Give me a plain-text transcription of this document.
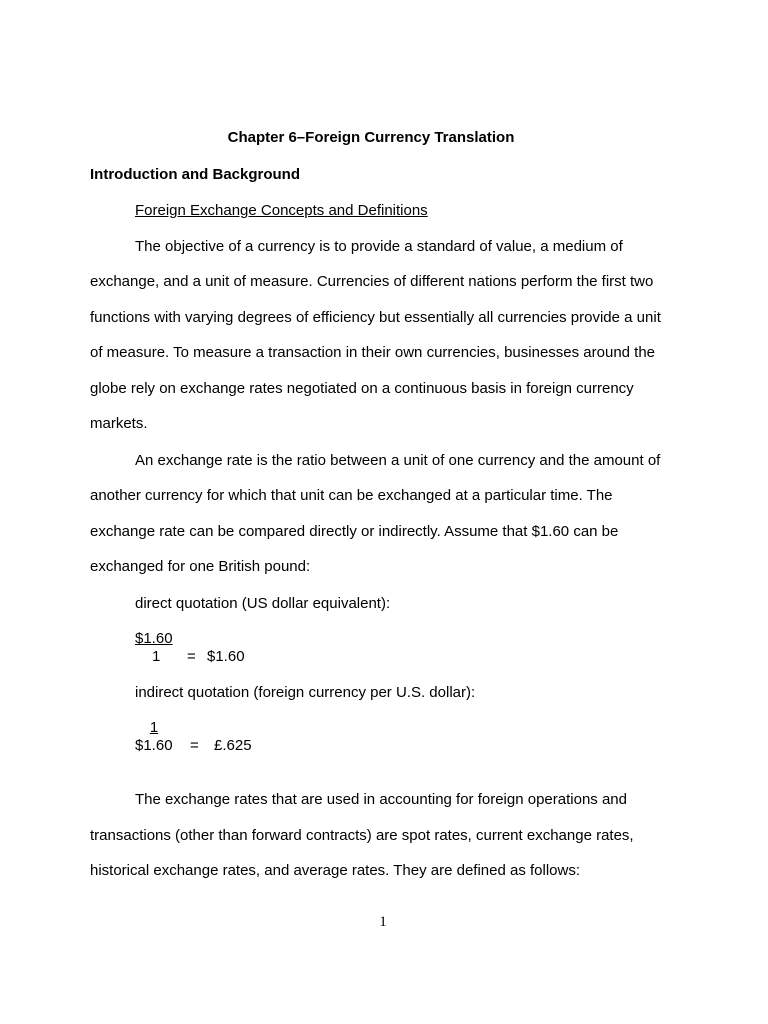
Chapter 6–Foreign Currency Translation
Introduction and Background
Foreign Exchange Concepts and Definitions
The objective of a currency is to provide a standard of value, a medium of
exchange, and a unit of measure. Currencies of different nations perform the first two
functions with varying degrees of efficiency but essentially all currencies provide a unit
of measure. To measure a transaction in their own currencies, businesses around the
globe rely on exchange rates negotiated on a continuous basis in foreign currency
markets.
An exchange rate is the ratio between a unit of one currency and the amount of
another currency for which that unit can be exchanged at a particular time. The
exchange rate can be compared directly or indirectly. Assume that $1.60 can be
exchanged for one British pound:
direct quotation (US dollar equivalent):
$1.60
1 = $1.60
indirect quotation (foreign currency per U.S. dollar):
1
$1.60 = £.625
The exchange rates that are used in accounting for foreign operations and
transactions (other than forward contracts) are spot rates, current exchange rates,
historical exchange rates, and average rates. They are defined as follows:
1
